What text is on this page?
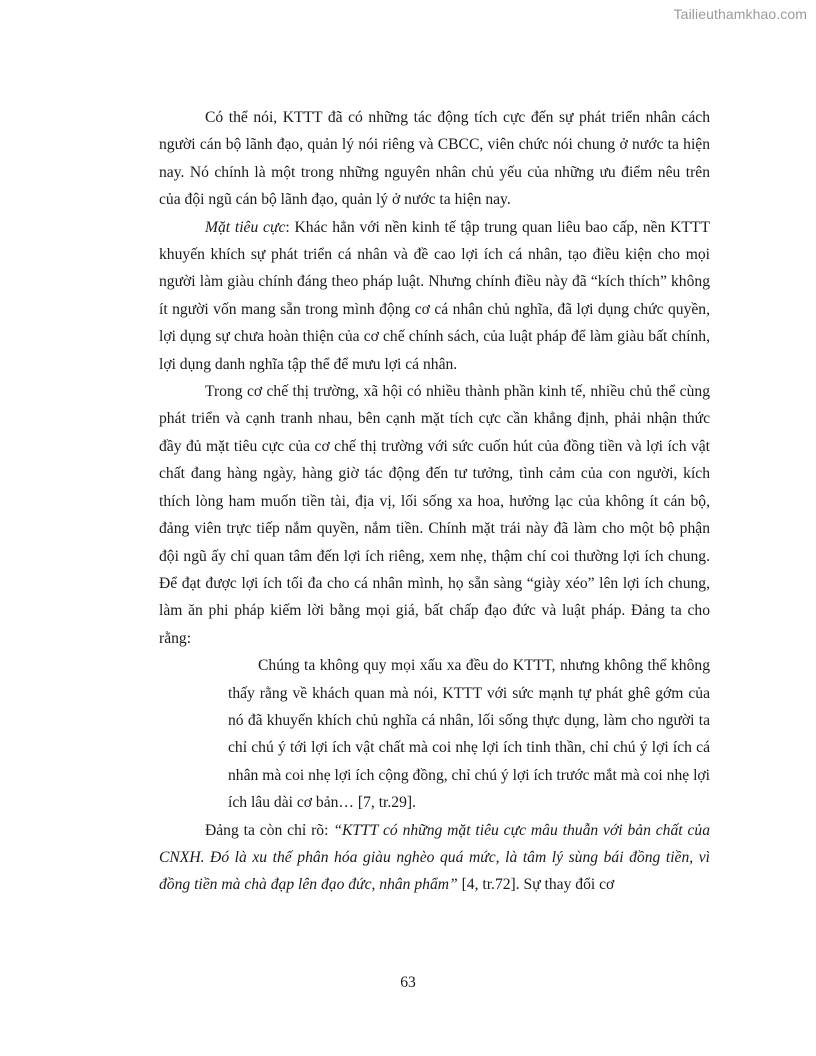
Tailieuthamkhao.com

Có thể nói, KTTT đã có những tác động tích cực đến sự phát triển nhân cách người cán bộ lãnh đạo, quản lý nói riêng và CBCC, viên chức nói chung ở nước ta hiện nay. Nó chính là một trong những nguyên nhân chủ yếu của những ưu điểm nêu trên của đội ngũ cán bộ lãnh đạo, quản lý ở nước ta hiện nay.

Mặt tiêu cực: Khác hẳn với nền kinh tế tập trung quan liêu bao cấp, nền KTTT khuyến khích sự phát triển cá nhân và đề cao lợi ích cá nhân, tạo điều kiện cho mọi người làm giàu chính đáng theo pháp luật. Nhưng chính điều này đã “kích thích” không ít người vốn mang sẵn trong mình động cơ cá nhân chủ nghĩa, đã lợi dụng chức quyền, lợi dụng sự chưa hoàn thiện của cơ chế chính sách, của luật pháp để làm giàu bất chính, lợi dụng danh nghĩa tập thể để mưu lợi cá nhân.

Trong cơ chế thị trường, xã hội có nhiều thành phần kinh tế, nhiều chủ thể cùng phát triển và cạnh tranh nhau, bên cạnh mặt tích cực cần khẳng định, phải nhận thức đầy đủ mặt tiêu cực của cơ chế thị trường với sức cuốn hút của đồng tiền và lợi ích vật chất đang hàng ngày, hàng giờ tác động đến tư tưởng, tình cảm của con người, kích thích lòng ham muốn tiền tài, địa vị, lối sống xa hoa, hưởng lạc của không ít cán bộ, đảng viên trực tiếp nắm quyền, nắm tiền. Chính mặt trái này đã làm cho một bộ phận đội ngũ ấy chỉ quan tâm đến lợi ích riêng, xem nhẹ, thậm chí coi thường lợi ích chung. Để đạt được lợi ích tối đa cho cá nhân mình, họ sẵn sàng “giày xéo” lên lợi ích chung, làm ăn phi pháp kiếm lời bằng mọi giá, bất chấp đạo đức và luật pháp. Đảng ta cho rằng:

Chúng ta không quy mọi xấu xa đều do KTTT, nhưng không thể không thấy rằng về khách quan mà nói, KTTT với sức mạnh tự phát ghê gớm của nó đã khuyến khích chủ nghĩa cá nhân, lối sống thực dụng, làm cho người ta chỉ chú ý tới lợi ích vật chất mà coi nhẹ lợi ích tinh thần, chỉ chú ý lợi ích cá nhân mà coi nhẹ lợi ích cộng đồng, chỉ chú ý lợi ích trước mắt mà coi nhẹ lợi ích lâu dài cơ bản… [7, tr.29].

Đảng ta còn chỉ rõ: “KTTT có những mặt tiêu cực mâu thuẫn với bản chất của CNXH. Đó là xu thế phân hóa giàu nghèo quá mức, là tâm lý sùng bái đồng tiền, vì đồng tiền mà chà đạp lên đạo đức, nhân phẩm” [4, tr.72]. Sự thay đổi cơ

63
